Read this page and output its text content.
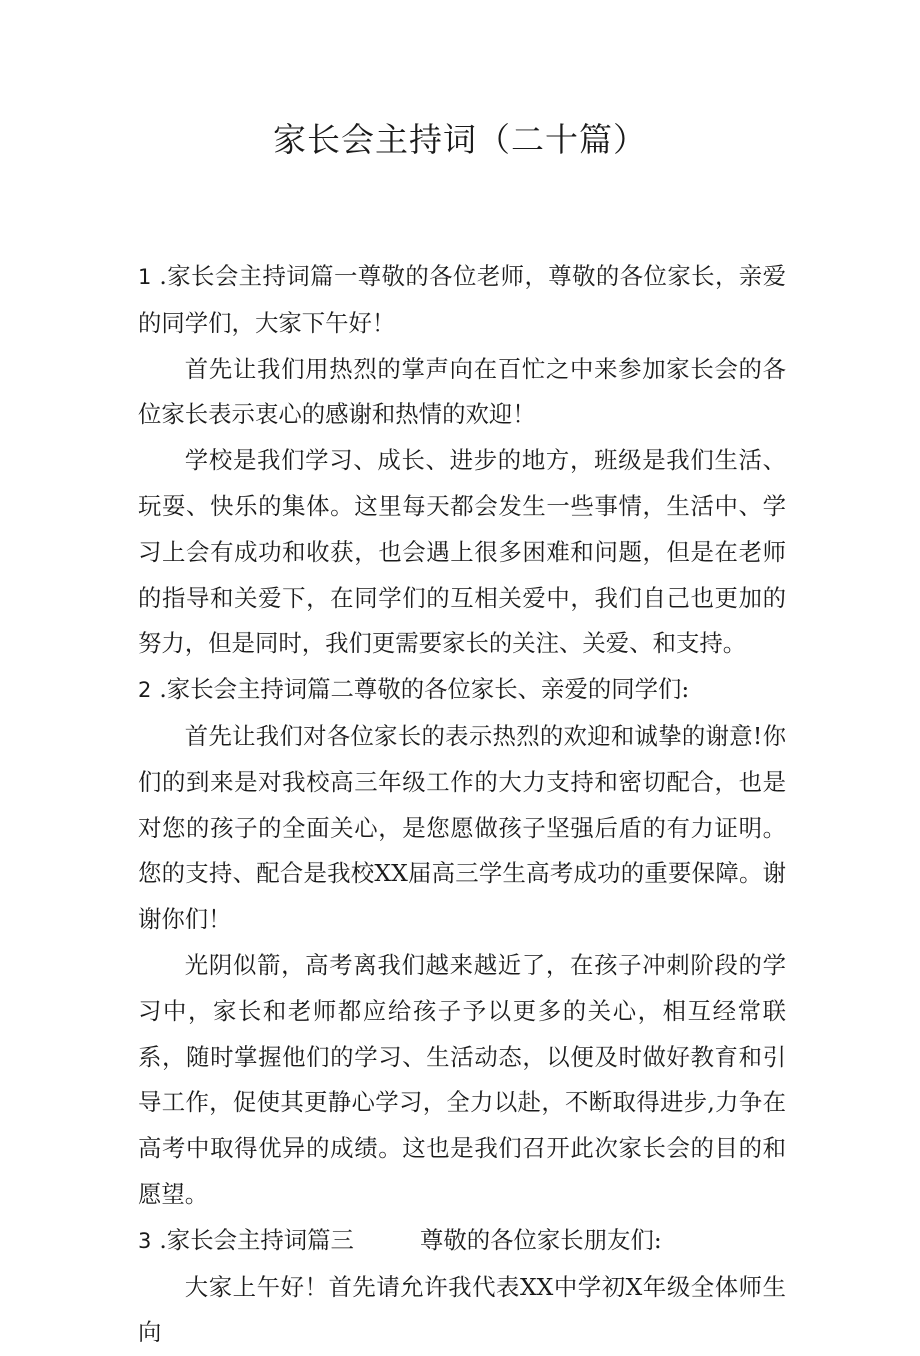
家长会主持词（二十篇）

1 .家长会主持词篇一尊敬的各位老师，尊敬的各位家长，亲爱的同学们，大家下午好！

首先让我们用热烈的掌声向在百忙之中来参加家长会的各位家长表示衷心的感谢和热情的欢迎！

学校是我们学习、成长、进步的地方，班级是我们生活、玩耍、快乐的集体。这里每天都会发生一些事情，生活中、学习上会有成功和收获，也会遇上很多困难和问题，但是在老师的指导和关爱下，在同学们的互相关爱中，我们自己也更加的努力，但是同时，我们更需要家长的关注、关爱、和支持。

2 .家长会主持词篇二尊敬的各位家长、亲爱的同学们:

首先让我们对各位家长的表示热烈的欢迎和诚挚的谢意!你们的到来是对我校高三年级工作的大力支持和密切配合，也是对您的孩子的全面关心，是您愿做孩子坚强后盾的有力证明。您的支持、配合是我校XX届高三学生高考成功的重要保障。谢谢你们！

光阴似箭，高考离我们越来越近了，在孩子冲刺阶段的学习中，家长和老师都应给孩子予以更多的关心，相互经常联系，随时掌握他们的学习、生活动态，以便及时做好教育和引导工作，促使其更静心学习，全力以赴，不断取得进步,力争在高考中取得优异的成绩。这也是我们召开此次家长会的目的和愿望。

3 .家长会主持词篇三	尊敬的各位家长朋友们:

大家上午好！首先请允许我代表XX中学初X年级全体师生向
